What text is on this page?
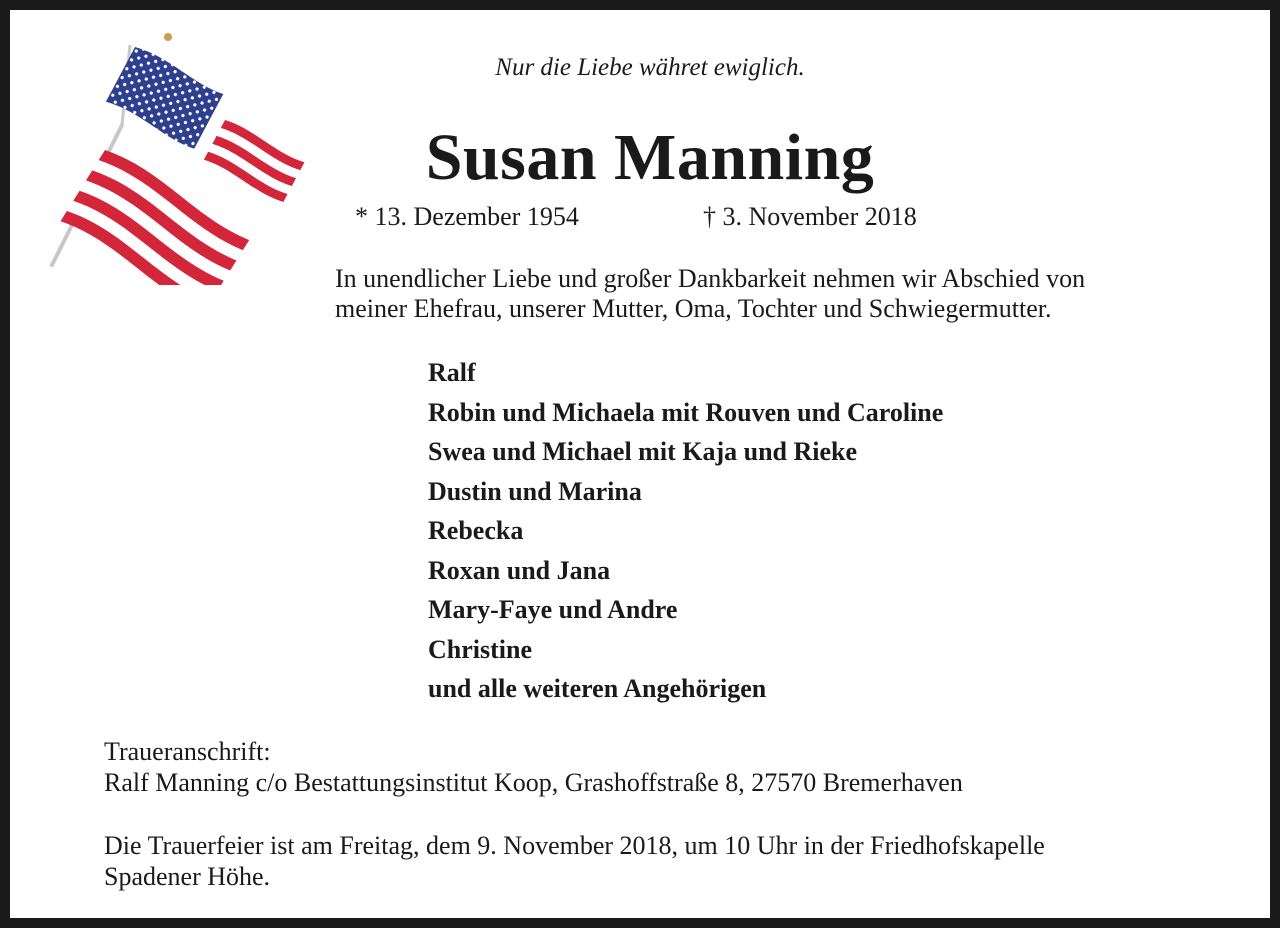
Nur die Liebe währet ewiglich.
Susan Manning
* 13. Dezember 1954	† 3. November 2018
In unendlicher Liebe und großer Dankbarkeit nehmen wir Abschied von
meiner Ehefrau, unserer Mutter, Oma, Tochter und Schwiegermutter.
Ralf
Robin und Michaela mit Rouven und Caroline
Swea und Michael mit Kaja und Rieke
Dustin und Marina
Rebecka
Roxan und Jana
Mary-Faye und Andre
Christine
und alle weiteren Angehörigen
Traueranschrift:
Ralf Manning c/o Bestattungsinstitut Koop, Grashoffstraße 8, 27570 Bremerhaven
Die Trauerfeier ist am Freitag, dem 9. November 2018, um 10 Uhr in der Friedhofskapelle
Spadener Höhe.
